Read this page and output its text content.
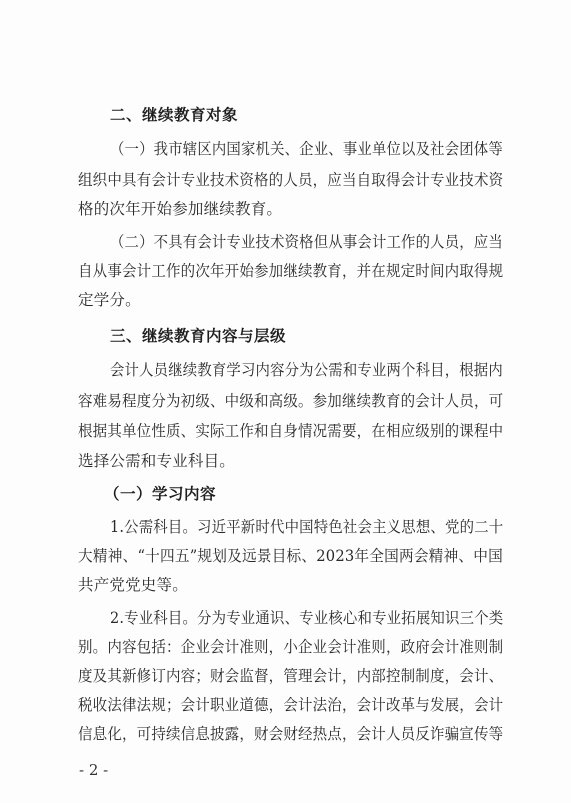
二、继续教育对象

（一）我市辖区内国家机关、企业、事业单位以及社会团体等

组织中具有会计专业技术资格的人员，应当自取得会计专业技术资

格的次年开始参加继续教育。

（二）不具有会计专业技术资格但从事会计工作的人员，应当

自从事会计工作的次年开始参加继续教育，并在规定时间内取得规

定学分。

三、继续教育内容与层级

会计人员继续教育学习内容分为公需和专业两个科目，根据内

容难易程度分为初级、中级和高级。参加继续教育的会计人员，可

根据其单位性质、实际工作和自身情况需要，在相应级别的课程中

选择公需和专业科目。

（一）学习内容

1.公需科目。习近平新时代中国特色社会主义思想、党的二十

大精神、“十四五”规划及远景目标、2023年全国两会精神、中国

共产党党史等。

2.专业科目。分为专业通识、专业核心和专业拓展知识三个类

别。内容包括：企业会计准则，小企业会计准则，政府会计准则制

度及其新修订内容；财会监督，管理会计，内部控制制度，会计、

税收法律法规；会计职业道德，会计法治，会计改革与发展，会计

信息化，可持续信息披露，财会财经热点，会计人员反诈骗宣传等

- 2 -
